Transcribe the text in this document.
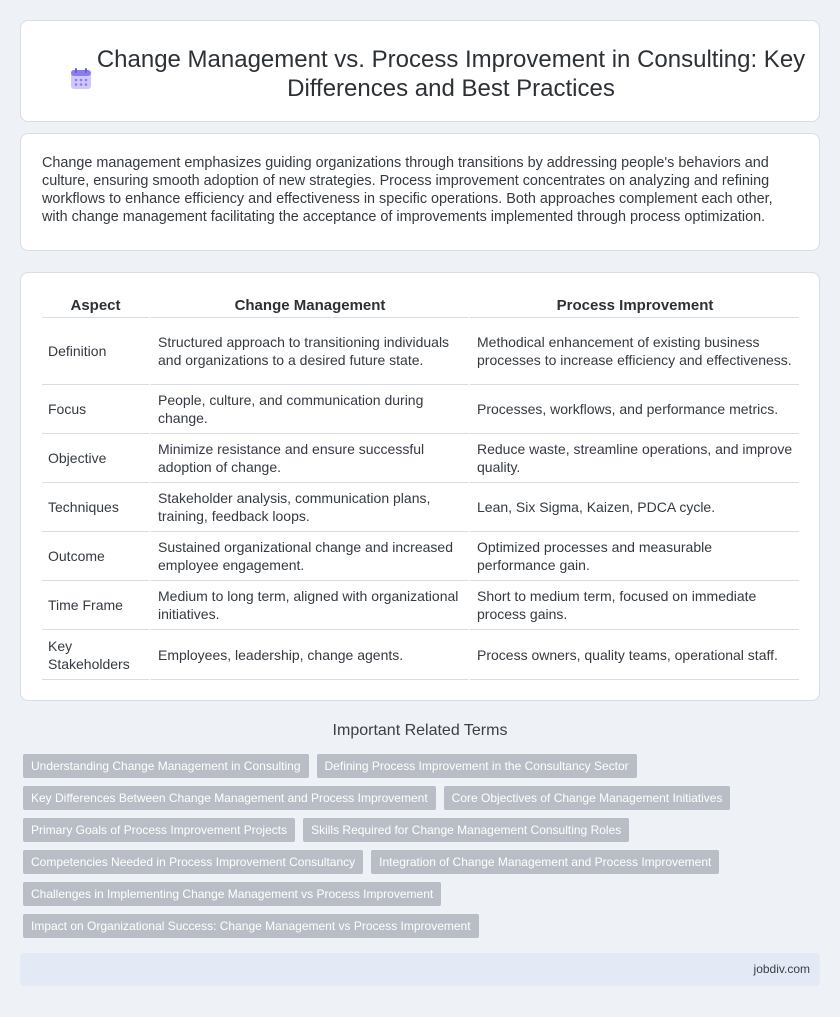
Change Management vs. Process Improvement in Consulting: Key Differences and Best Practices

Change management emphasizes guiding organizations through transitions by addressing people's behaviors and culture, ensuring smooth adoption of new strategies. Process improvement concentrates on analyzing and refining workflows to enhance efficiency and effectiveness in specific operations. Both approaches complement each other, with change management facilitating the acceptance of improvements implemented through process optimization.

Aspect	Change Management	Process Improvement
Definition	Structured approach to transitioning individuals and organizations to a desired future state.	Methodical enhancement of existing business processes to increase efficiency and effectiveness.
Focus	People, culture, and communication during change.	Processes, workflows, and performance metrics.
Objective	Minimize resistance and ensure successful adoption of change.	Reduce waste, streamline operations, and improve quality.
Techniques	Stakeholder analysis, communication plans, training, feedback loops.	Lean, Six Sigma, Kaizen, PDCA cycle.
Outcome	Sustained organizational change and increased employee engagement.	Optimized processes and measurable performance gain.
Time Frame	Medium to long term, aligned with organizational initiatives.	Short to medium term, focused on immediate process gains.
Key Stakeholders	Employees, leadership, change agents.	Process owners, quality teams, operational staff.
Important Related Terms
Understanding Change Management in Consulting	Defining Process Improvement in the Consultancy Sector
Key Differences Between Change Management and Process Improvement	Core Objectives of Change Management Initiatives
Primary Goals of Process Improvement Projects	Skills Required for Change Management Consulting Roles
Competencies Needed in Process Improvement Consultancy	Integration of Change Management and Process Improvement
Challenges in Implementing Change Management vs Process Improvement
Impact on Organizational Success: Change Management vs Process Improvement
jobdiv.com
